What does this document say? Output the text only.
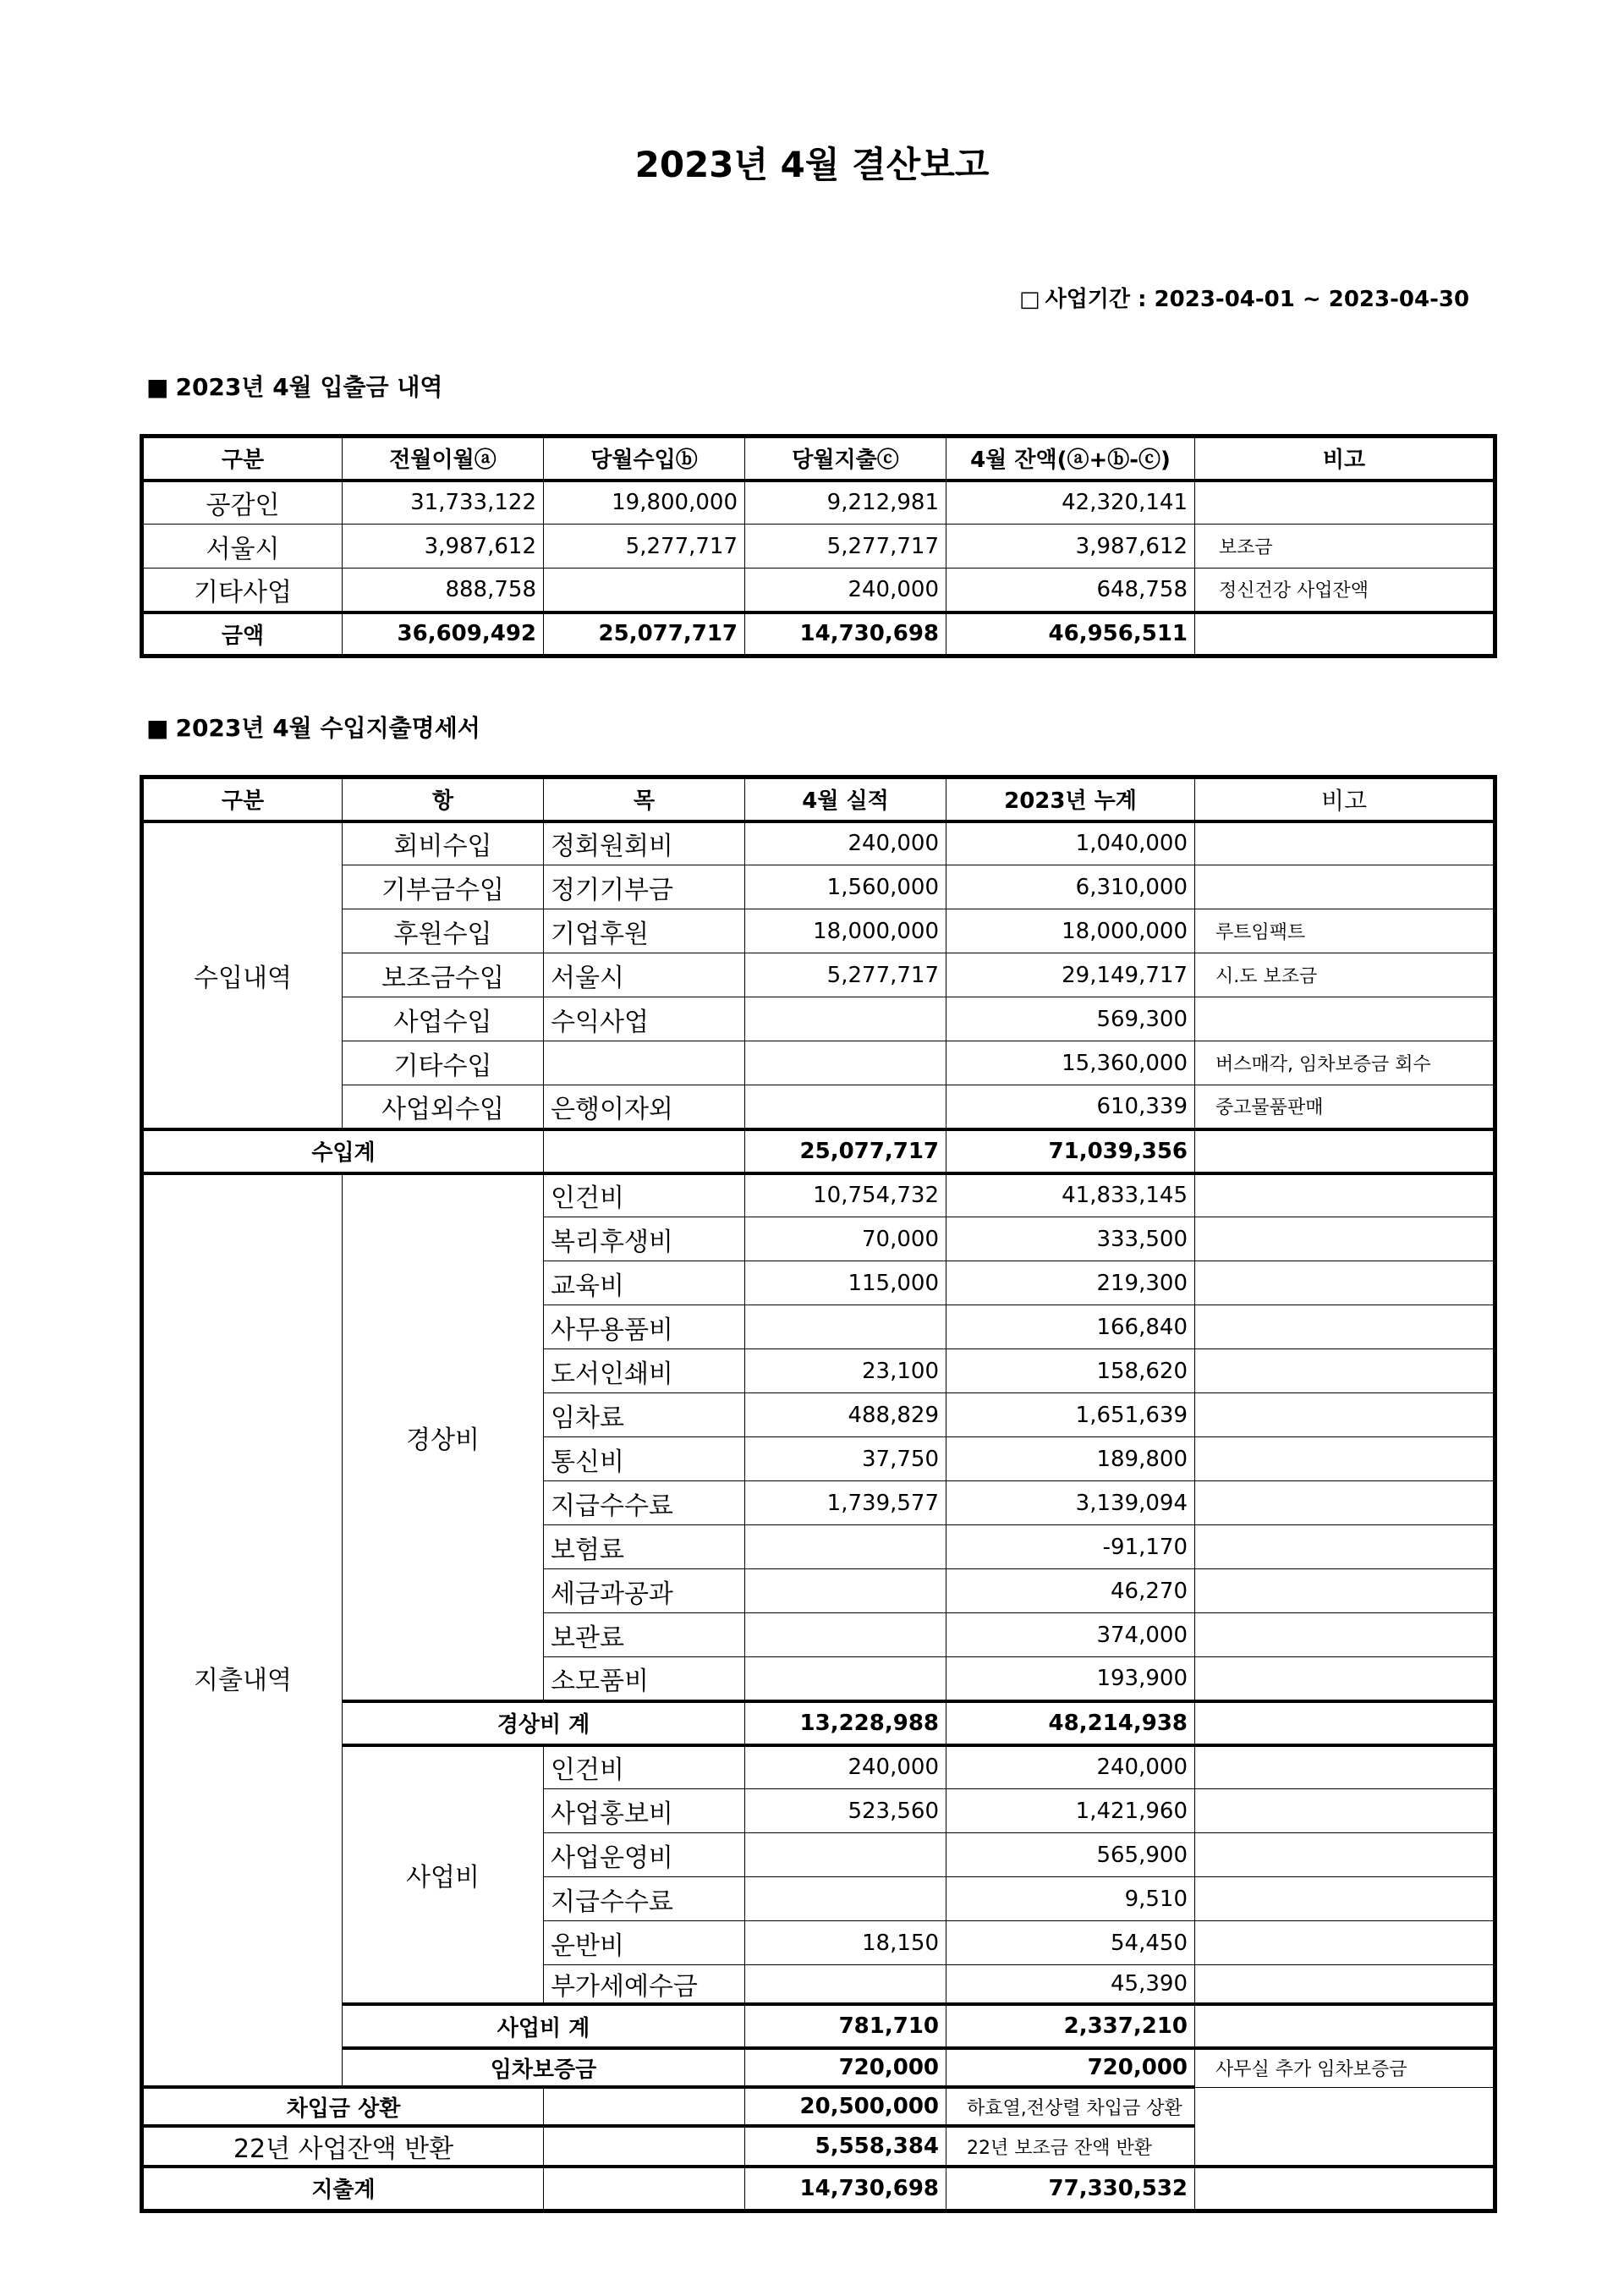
2023년 4월 결산보고
□ 사업기간 : 2023-04-01 ~ 2023-04-30
■ 2023년 4월 입출금 내역
구분	전월이월ⓐ	당월수입ⓑ	당월지출ⓒ	4월 잔액(ⓐ+ⓑ-ⓒ)	비고
공감인	31,733,122	19,800,000	9,212,981	42,320,141	
서울시	3,987,612	5,277,717	5,277,717	3,987,612	보조금
기타사업	888,758		240,000	648,758	정신건강 사업잔액
금액	36,609,492	25,077,717	14,730,698	46,956,511	
■ 2023년 4월 수입지출명세서
구분	항	목	4월 실적	2023년 누계	비고
수입내역	회비수입	정회원회비	240,000	1,040,000	
	기부금수입	정기기부금	1,560,000	6,310,000	
	후원수입	기업후원	18,000,000	18,000,000	루트임팩트
	보조금수입	서울시	5,277,717	29,149,717	시.도 보조금
	사업수입	수익사업		569,300	
	기타수입			15,360,000	버스매각, 임차보증금 회수
	사업외수입	은행이자외		610,339	중고물품판매
수입계			25,077,717	71,039,356	
지출내역	경상비	인건비	10,754,732	41,833,145	
		복리후생비	70,000	333,500	
		교육비	115,000	219,300	
		사무용품비		166,840	
		도서인쇄비	23,100	158,620	
		임차료	488,829	1,651,639	
		통신비	37,750	189,800	
		지급수수료	1,739,577	3,139,094	
		보험료		-91,170	
		세금과공과		46,270	
		보관료		374,000	
		소모품비		193,900	
	경상비 계		13,228,988	48,214,938	
	사업비	인건비	240,000	240,000	
		사업홍보비	523,560	1,421,960	
		사업운영비		565,900	
		지급수수료		9,510	
		운반비	18,150	54,450	
		부가세예수금		45,390	
	사업비 계		781,710	2,337,210	
	임차보증금		720,000	720,000	사무실 추가 임차보증금
차입금 상환			20,500,000	하효열,전상렬 차입금 상환	
22년 사업잔액 반환			5,558,384	22년 보조금 잔액 반환	
지출계			14,730,698	77,330,532	
